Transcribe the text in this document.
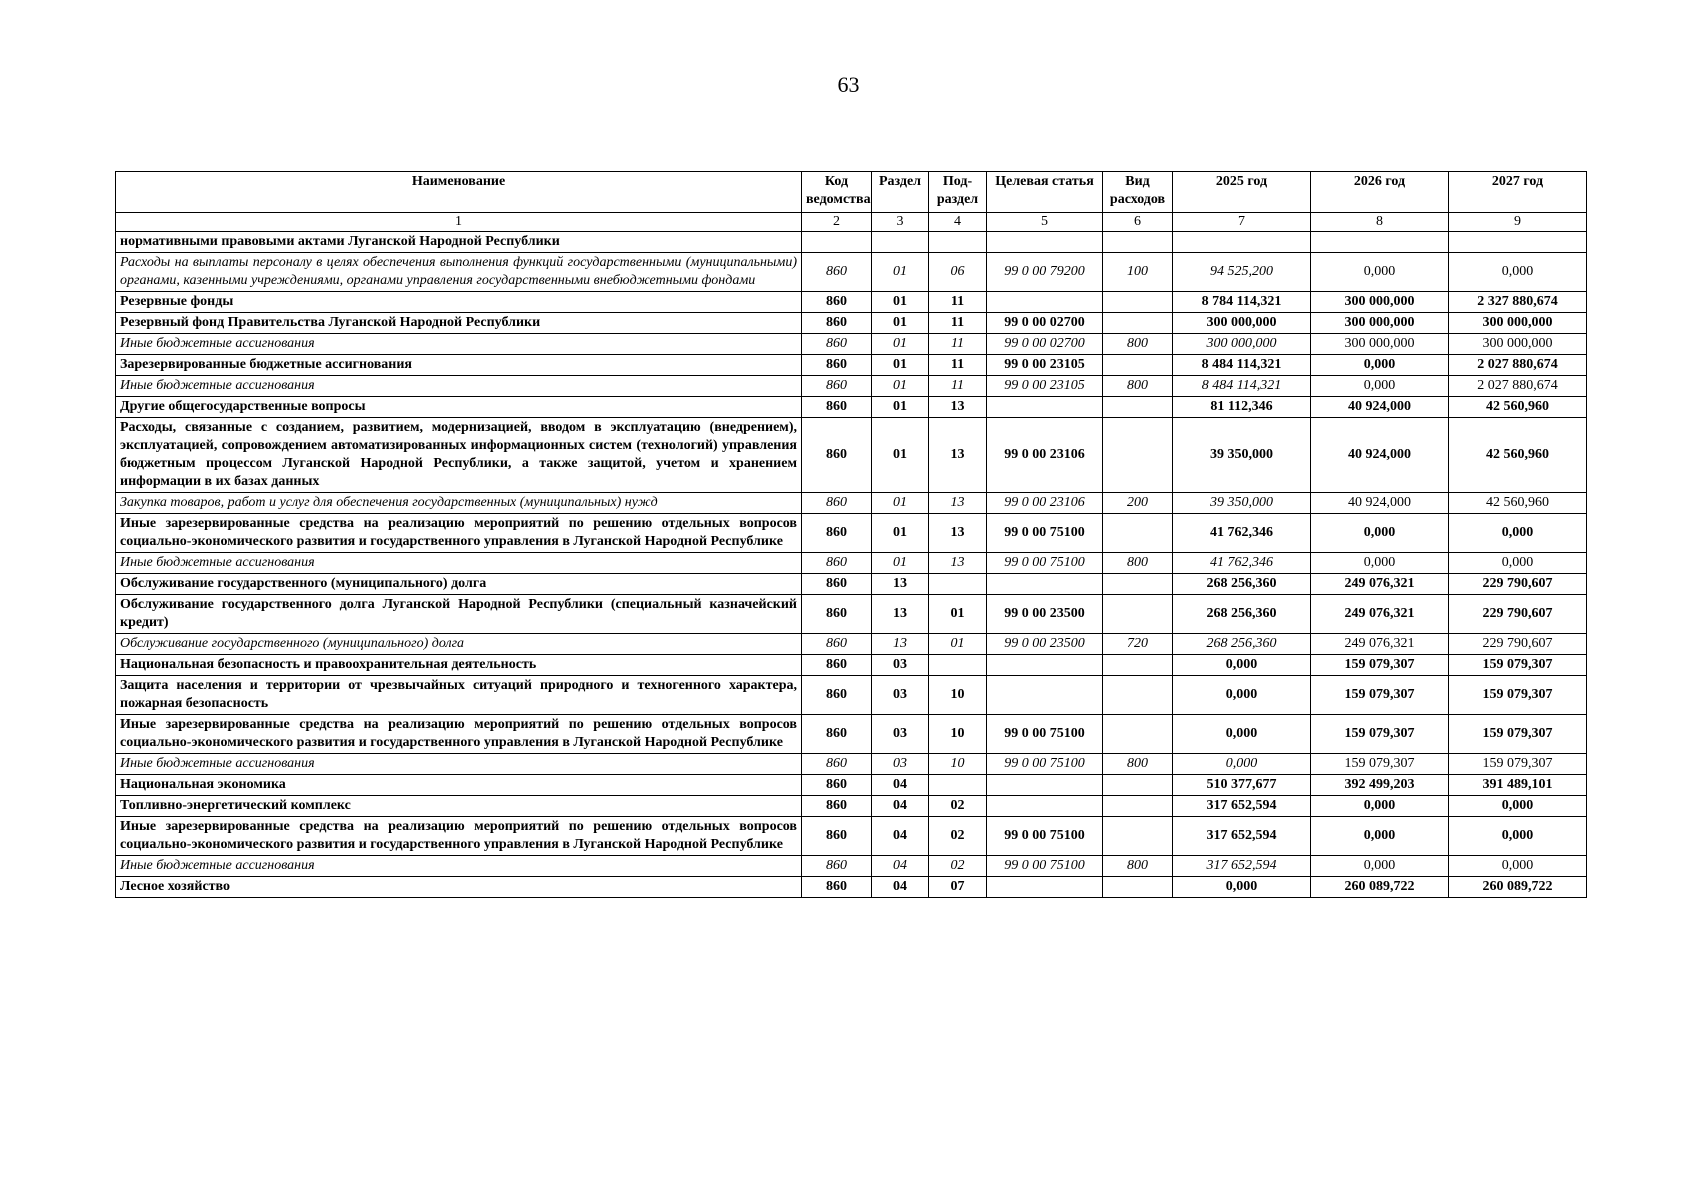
63
Наименование	Код ведомства	Раздел	Под-раздел	Целевая статья	Вид расходов	2025 год	2026 год	2027 год
1	2	3	4	5	6	7	8	9
нормативными правовыми актами Луганской Народной Республики								
Расходы на выплаты персоналу в целях обеспечения выполнения функций государственными (муниципальными) органами, казенными учреждениями, органами управления государственными внебюджетными фондами	860	01	06	99 0 00 79200	100	94 525,200	0,000	0,000
Резервные фонды	860	01	11			8 784 114,321	300 000,000	2 327 880,674
Резервный фонд Правительства Луганской Народной Республики	860	01	11	99 0 00 02700		300 000,000	300 000,000	300 000,000
Иные бюджетные ассигнования	860	01	11	99 0 00 02700	800	300 000,000	300 000,000	300 000,000
Зарезервированные бюджетные ассигнования	860	01	11	99 0 00 23105		8 484 114,321	0,000	2 027 880,674
Иные бюджетные ассигнования	860	01	11	99 0 00 23105	800	8 484 114,321	0,000	2 027 880,674
Другие общегосударственные вопросы	860	01	13			81 112,346	40 924,000	42 560,960
Расходы, связанные с созданием, развитием, модернизацией, вводом в эксплуатацию (внедрением), эксплуатацией, сопровождением автоматизированных информационных систем (технологий) управления бюджетным процессом Луганской Народной Республики, а также защитой, учетом и хранением информации в их базах данных	860	01	13	99 0 00 23106		39 350,000	40 924,000	42 560,960
Закупка товаров, работ и услуг для обеспечения государственных (муниципальных) нужд	860	01	13	99 0 00 23106	200	39 350,000	40 924,000	42 560,960
Иные зарезервированные средства на реализацию мероприятий по решению отдельных вопросов социально-экономического развития и государственного управления в Луганской Народной Республике	860	01	13	99 0 00 75100		41 762,346	0,000	0,000
Иные бюджетные ассигнования	860	01	13	99 0 00 75100	800	41 762,346	0,000	0,000
Обслуживание государственного (муниципального) долга	860	13				268 256,360	249 076,321	229 790,607
Обслуживание государственного долга Луганской Народной Республики (специальный казначейский кредит)	860	13	01	99 0 00 23500		268 256,360	249 076,321	229 790,607
Обслуживание государственного (муниципального) долга	860	13	01	99 0 00 23500	720	268 256,360	249 076,321	229 790,607
Национальная безопасность и правоохранительная деятельность	860	03				0,000	159 079,307	159 079,307
Защита населения и территории от чрезвычайных ситуаций природного и техногенного характера, пожарная безопасность	860	03	10			0,000	159 079,307	159 079,307
Иные зарезервированные средства на реализацию мероприятий по решению отдельных вопросов социально-экономического развития и государственного управления в Луганской Народной Республике	860	03	10	99 0 00 75100		0,000	159 079,307	159 079,307
Иные бюджетные ассигнования	860	03	10	99 0 00 75100	800	0,000	159 079,307	159 079,307
Национальная экономика	860	04				510 377,677	392 499,203	391 489,101
Топливно-энергетический комплекс	860	04	02			317 652,594	0,000	0,000
Иные зарезервированные средства на реализацию мероприятий по решению отдельных вопросов социально-экономического развития и государственного управления в Луганской Народной Республике	860	04	02	99 0 00 75100		317 652,594	0,000	0,000
Иные бюджетные ассигнования	860	04	02	99 0 00 75100	800	317 652,594	0,000	0,000
Лесное хозяйство	860	04	07			0,000	260 089,722	260 089,722
